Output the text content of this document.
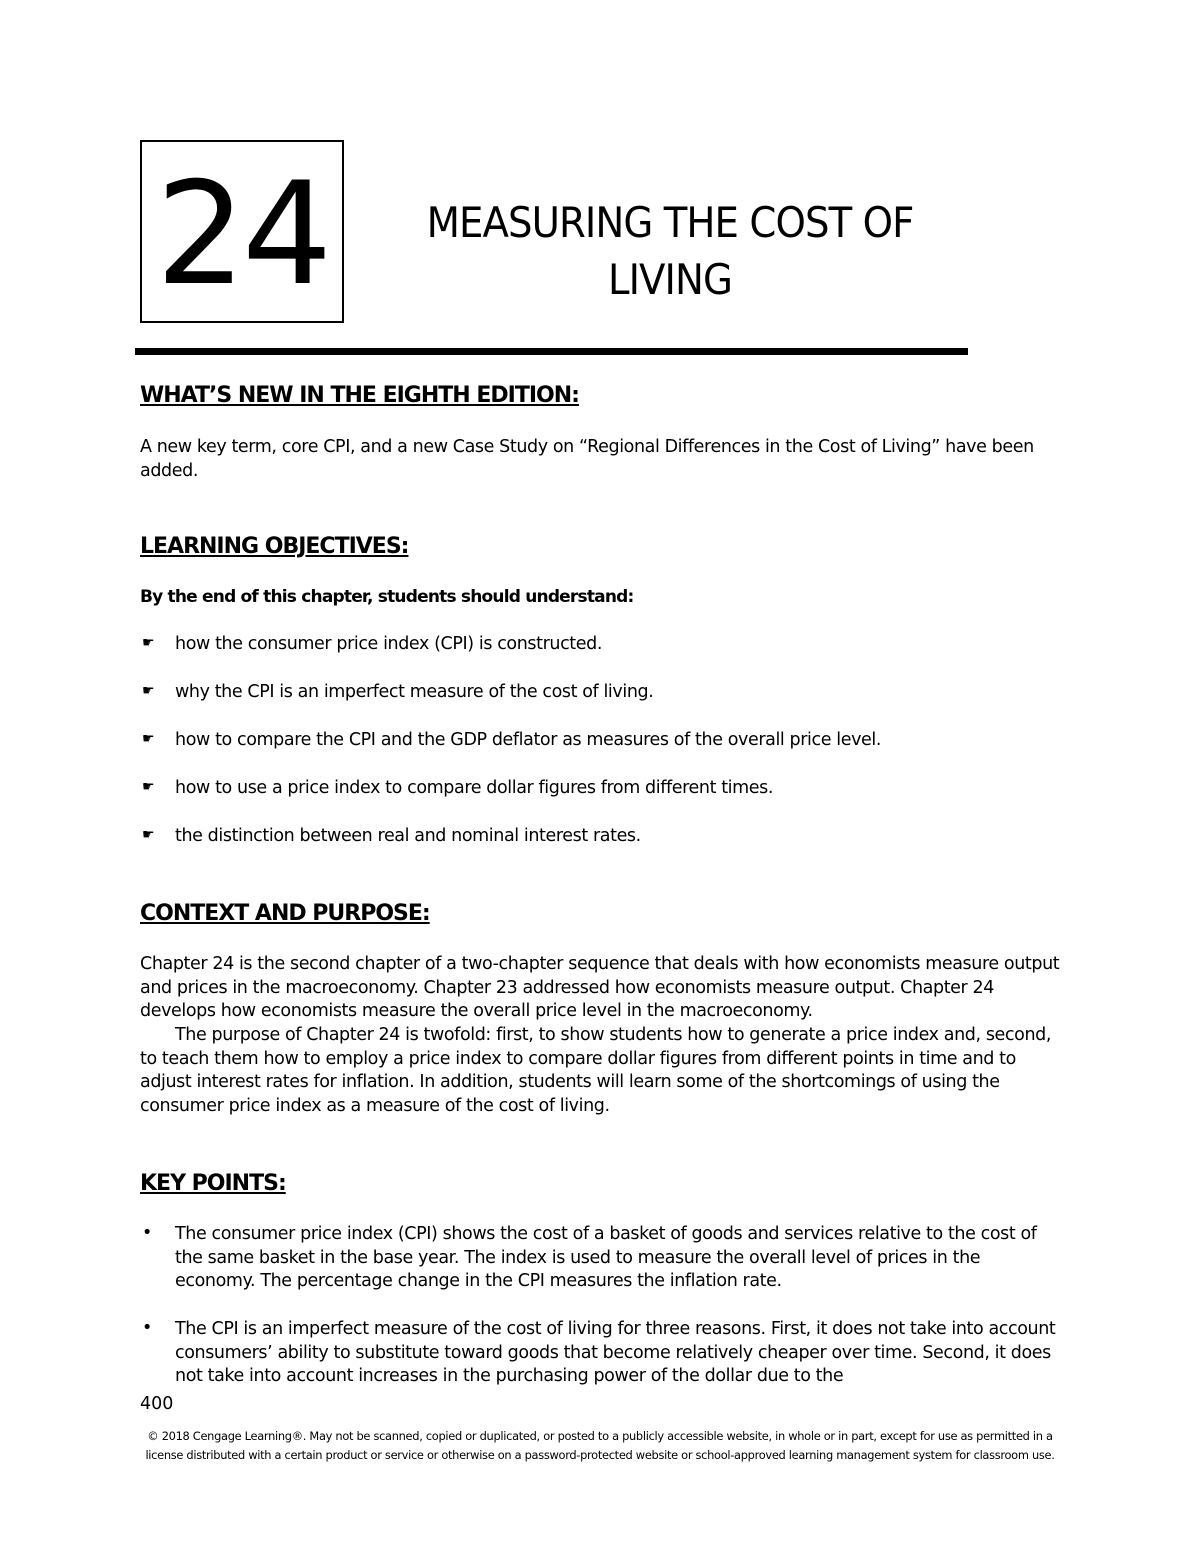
24	MEASURING THE COST OF LIVING
WHAT’S NEW IN THE EIGHTH EDITION:
A new key term, core CPI, and a new Case Study on “Regional Differences in the Cost of Living” have been added.
LEARNING OBJECTIVES:
By the end of this chapter, students should understand:
☛ how the consumer price index (CPI) is constructed.
☛ why the CPI is an imperfect measure of the cost of living.
☛ how to compare the CPI and the GDP deflator as measures of the overall price level.
☛ how to use a price index to compare dollar figures from different times.
☛ the distinction between real and nominal interest rates.
CONTEXT AND PURPOSE:
Chapter 24 is the second chapter of a two-chapter sequence that deals with how economists measure output and prices in the macroeconomy. Chapter 23 addressed how economists measure output. Chapter 24 develops how economists measure the overall price level in the macroeconomy.
The purpose of Chapter 24 is twofold: first, to show students how to generate a price index and, second, to teach them how to employ a price index to compare dollar figures from different points in time and to adjust interest rates for inflation. In addition, students will learn some of the shortcomings of using the consumer price index as a measure of the cost of living.
KEY POINTS:
• The consumer price index (CPI) shows the cost of a basket of goods and services relative to the cost of the same basket in the base year. The index is used to measure the overall level of prices in the economy. The percentage change in the CPI measures the inflation rate.
• The CPI is an imperfect measure of the cost of living for three reasons. First, it does not take into account consumers’ ability to substitute toward goods that become relatively cheaper over time. Second, it does not take into account increases in the purchasing power of the dollar due to the
400
© 2018 Cengage Learning®. May not be scanned, copied or duplicated, or posted to a publicly accessible website, in whole or in part, except for use as permitted in a license distributed with a certain product or service or otherwise on a password-protected website or school-approved learning management system for classroom use.
